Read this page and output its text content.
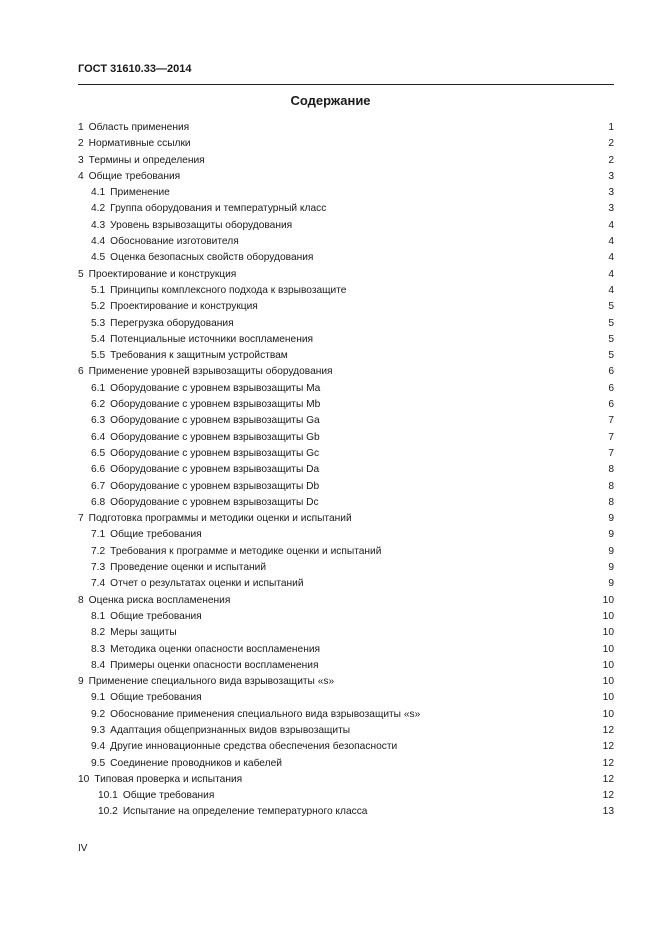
ГОСТ 31610.33—2014
Содержание
1 Область применения	1
2 Нормативные ссылки	2
3 Термины и определения	2
4 Общие требования	3
4.1 Применение	3
4.2 Группа оборудования и температурный класс	3
4.3 Уровень взрывозащиты оборудования	4
4.4 Обоснование изготовителя	4
4.5 Оценка безопасных свойств оборудования	4
5 Проектирование и конструкция	4
5.1 Принципы комплексного подхода к взрывозащите	4
5.2 Проектирование и конструкция	5
5.3 Перегрузка оборудования	5
5.4 Потенциальные источники воспламенения	5
5.5 Требования к защитным устройствам	5
6 Применение уровней взрывозащиты оборудования	6
6.1 Оборудование с уровнем взрывозащиты Ma	6
6.2 Оборудование с уровнем взрывозащиты Mb	6
6.3 Оборудование с уровнем взрывозащиты Ga	7
6.4 Оборудование с уровнем взрывозащиты Gb	7
6.5 Оборудование с уровнем взрывозащиты Gc	7
6.6 Оборудование с уровнем взрывозащиты Da	8
6.7 Оборудование с уровнем взрывозащиты Db	8
6.8 Оборудование с уровнем взрывозащиты Dc	8
7 Подготовка программы и методики оценки и испытаний	9
7.1 Общие требования	9
7.2 Требования к программе и методике оценки и испытаний	9
7.3 Проведение оценки и испытаний	9
7.4 Отчет о результатах оценки и испытаний	9
8 Оценка риска воспламенения	10
8.1 Общие требования	10
8.2 Меры защиты	10
8.3 Методика оценки опасности воспламенения	10
8.4 Примеры оценки опасности воспламенения	10
9 Применение специального вида взрывозащиты «s»	10
9.1 Общие требования	10
9.2 Обоснование применения специального вида взрывозащиты «s»	10
9.3 Адаптация общепризнанных видов взрывозащиты	12
9.4 Другие инновационные средства обеспечения безопасности	12
9.5 Соединение проводников и кабелей	12
10 Типовая проверка и испытания	12
10.1 Общие требования	12
10.2 Испытание на определение температурного класса	13
IV
